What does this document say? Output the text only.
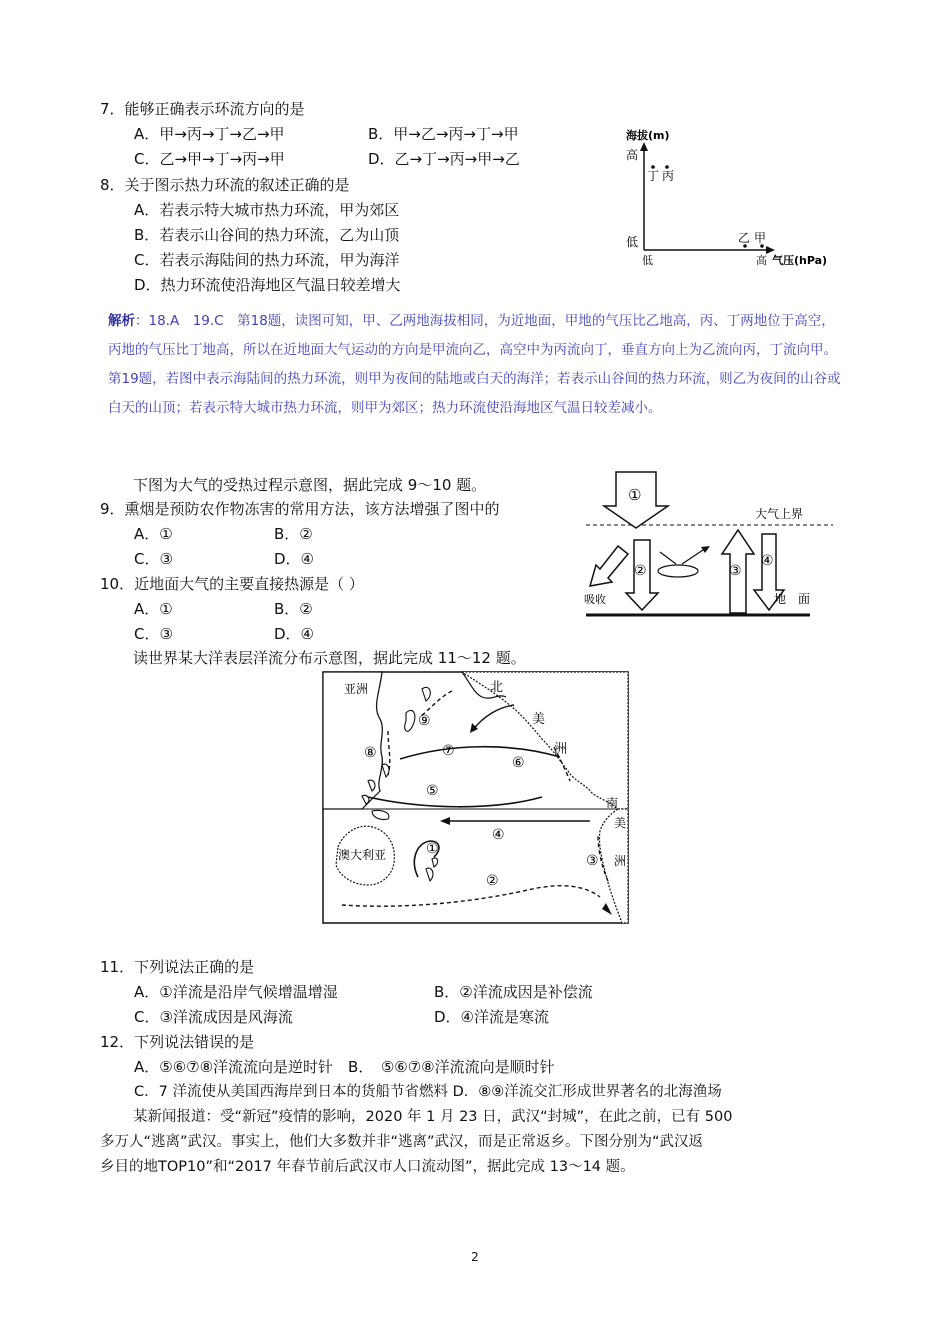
7．能够正确表示环流方向的是
A．甲→丙→丁→乙→甲	B．甲→乙→丙→丁→甲
C．乙→甲→丁→丙→甲	D．乙→丁→丙→甲→乙
8．关于图示热力环流的叙述正确的是
A．若表示特大城市热力环流，甲为郊区
B．若表示山谷间的热力环流，乙为山顶
C．若表示海陆间的热力环流，甲为海洋
D．热力环流使沿海地区气温日较差增大
海拔(m)
高
低
低	高 气压(hPa)
丁 丙
乙 甲
解析：18.A　19.C　第18题，读图可知，甲、乙两地海拔相同，为近地面，甲地的气压比乙地高，丙、丁两地位于高空，丙地的气压比丁地高，所以在近地面大气运动的方向是甲流向乙，高空中为丙流向丁，垂直方向上为乙流向丙，丁流向甲。第19题，若图中表示海陆间的热力环流，则甲为夜间的陆地或白天的海洋；若表示山谷间的热力环流，则乙为夜间的山谷或白天的山顶；若表示特大城市热力环流，则甲为郊区；热力环流使沿海地区气温日较差减小。
下图为大气的受热过程示意图，据此完成 9～10 题。
9．熏烟是预防农作物冻害的常用方法，该方法增强了图中的
A．①	B．②
C．③	D．④
10．近地面大气的主要直接热源是（ ）
A．①	B．②
C．③	D．④
大气上界
①
吸收
②	③
④
地　面
读世界某大洋表层洋流分布示意图，据此完成 11～12 题。
亚洲	北
美
洲
南
美
洲
澳大利亚	①
②
③
④
⑤
⑥
⑦
⑧
⑨
11．下列说法正确的是
A．①洋流是沿岸气候增温增湿	B．②洋流成因是补偿流
C．③洋流成因是风海流	D．④洋流是寒流
12．下列说法错误的是
A．⑤⑥⑦⑧洋流流向是逆时针　B．　⑤⑥⑦⑧洋流流向是顺时针
C．7 洋流使从美国西海岸到日本的货船节省燃料 D．⑧⑨洋流交汇形成世界著名的北海渔场
某新闻报道：受“新冠”疫情的影响，2020 年 1 月 23 日，武汉“封城”，在此之前，已有 500
多万人“逃离”武汉。事实上，他们大多数并非“逃离”武汉，而是正常返乡。下图分别为“武汉返
乡目的地TOP10”和“2017 年春节前后武汉市人口流动图”，据此完成 13～14 题。
2
